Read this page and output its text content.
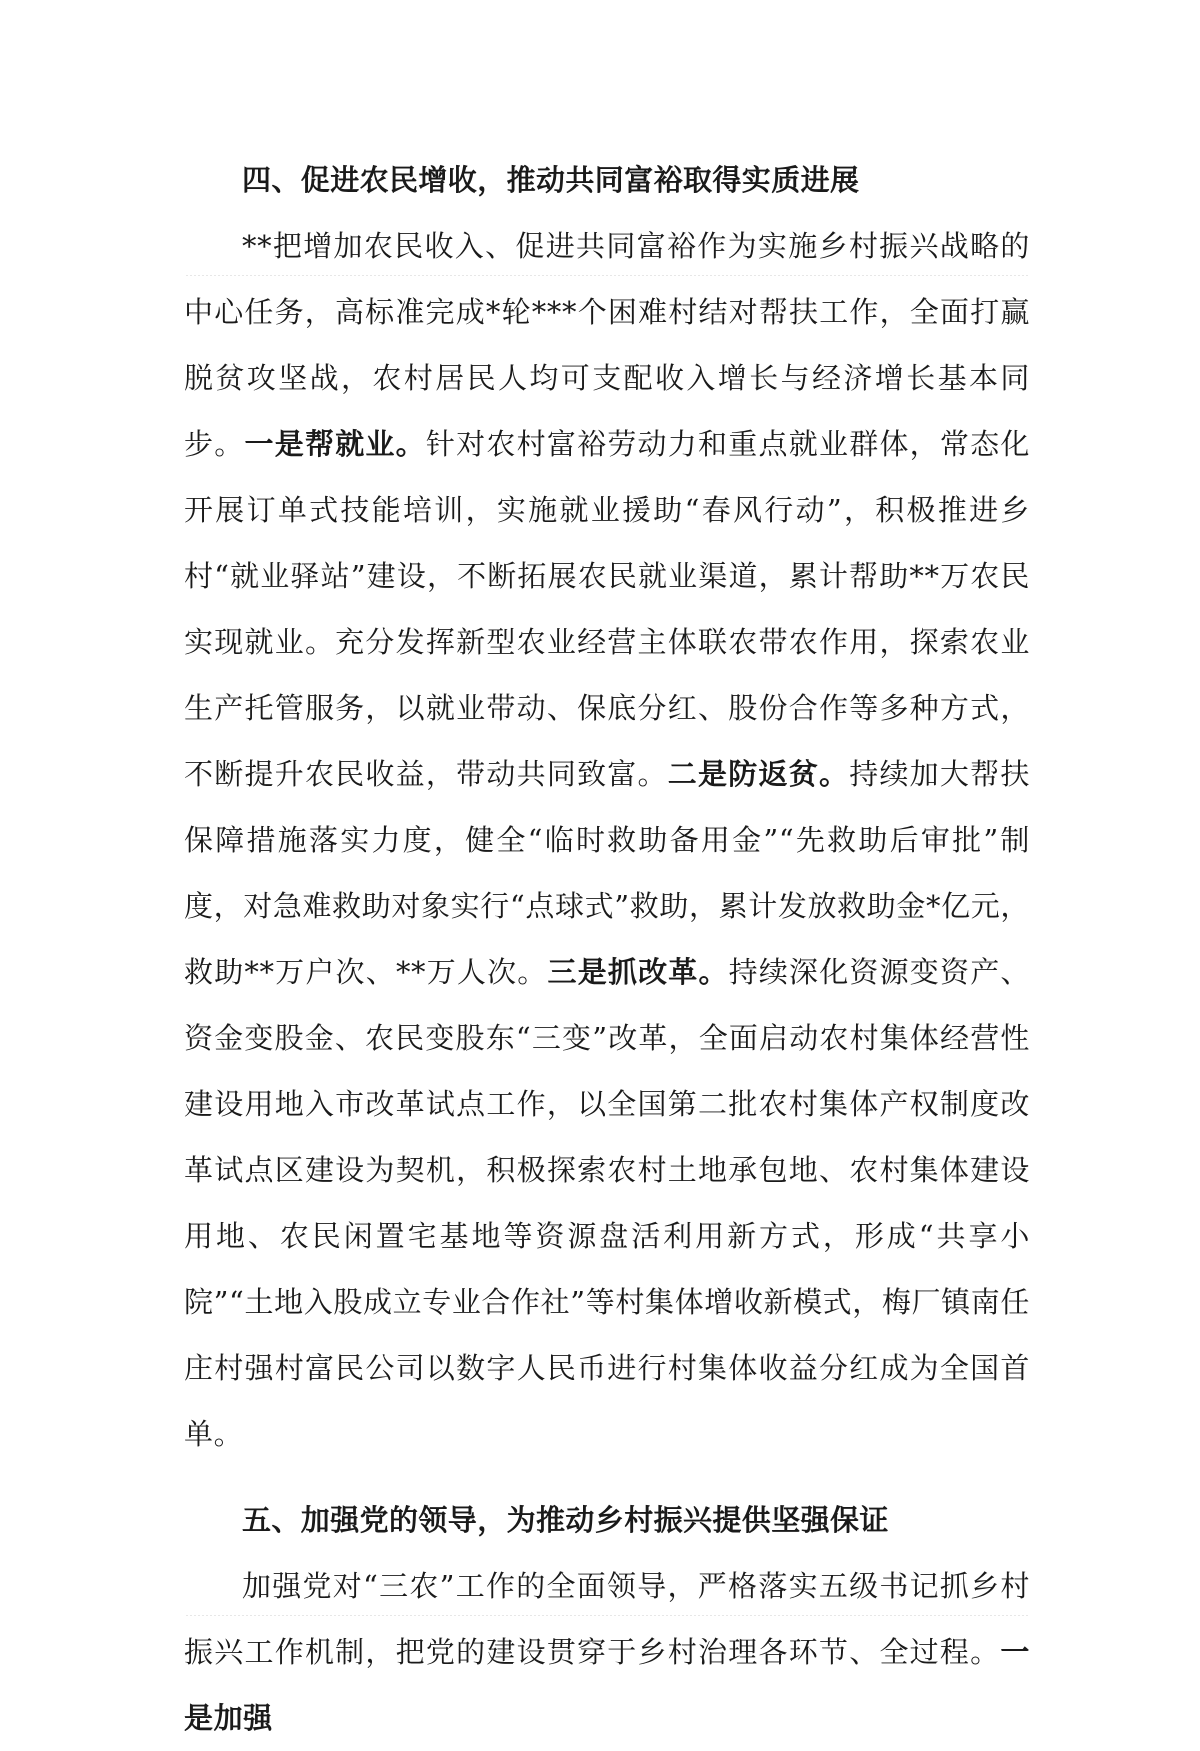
四、促进农民增收，推动共同富裕取得实质进展

**把增加农民收入、促进共同富裕作为实施乡村振兴战略的中心任务，高标准完成*轮***个困难村结对帮扶工作，全面打赢脱贫攻坚战，农村居民人均可支配收入增长与经济增长基本同步。一是帮就业。针对农村富裕劳动力和重点就业群体，常态化开展订单式技能培训，实施就业援助“春风行动”，积极推进乡村“就业驿站”建设，不断拓展农民就业渠道，累计帮助**万农民实现就业。充分发挥新型农业经营主体联农带农作用，探索农业生产托管服务，以就业带动、保底分红、股份合作等多种方式，不断提升农民收益，带动共同致富。二是防返贫。持续加大帮扶保障措施落实力度，健全“临时救助备用金”“先救助后审批”制度，对急难救助对象实行“点球式”救助，累计发放救助金*亿元，救助**万户次、**万人次。三是抓改革。持续深化资源变资产、资金变股金、农民变股东“三变”改革，全面启动农村集体经营性建设用地入市改革试点工作，以全国第二批农村集体产权制度改革试点区建设为契机，积极探索农村土地承包地、农村集体建设用地、农民闲置宅基地等资源盘活利用新方式，形成“共享小院”“土地入股成立专业合作社”等村集体增收新模式，梅厂镇南任庄村强村富民公司以数字人民币进行村集体收益分红成为全国首单。

五、加强党的领导，为推动乡村振兴提供坚强保证

加强党对“三农”工作的全面领导，严格落实五级书记抓乡村振兴工作机制，把党的建设贯穿于乡村治理各环节、全过程。一是加强
